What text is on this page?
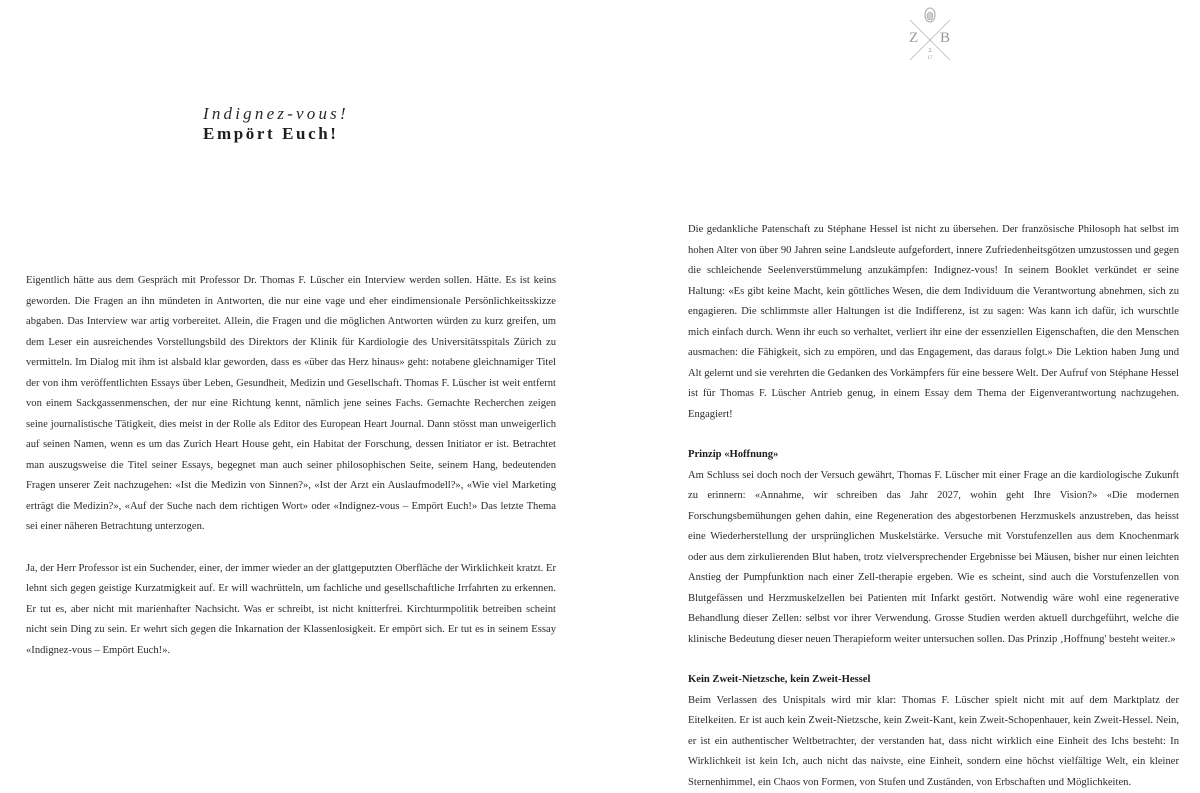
Z B
2
17
Indignez-vous!
Empört Euch!

Eigentlich hätte aus dem Gespräch mit Professor Dr. Thomas F. Lüscher ein Interview werden sollen. Hätte. Es ist keins geworden. Die Fragen an ihn mündeten in Antworten, die nur eine vage und eher eindimensionale Persönlichkeitsskizze abgaben. Das Interview war artig vorbereitet. Allein, die Fragen und die möglichen Antworten würden zu kurz greifen, um dem Leser ein ausreichendes Vorstellungsbild des Direktors der Klinik für Kardiologie des Universitätsspitals Zürich zu vermitteln. Im Dialog mit ihm ist alsbald klar geworden, dass es «über das Herz hinaus» geht: notabene gleichnamiger Titel der von ihm veröffentlichten Essays über Leben, Gesundheit, Medizin und Gesellschaft. Thomas F. Lüscher ist weit entfernt von einem Sackgassenmenschen, der nur eine Richtung kennt, nämlich jene seines Fachs. Gemachte Recherchen zeigen seine journalistische Tätigkeit, dies meist in der Rolle als Editor des European Heart Journal. Dann stösst man unweigerlich auf seinen Namen, wenn es um das Zurich Heart House geht, ein Habitat der Forschung, dessen Initiator er ist. Betrachtet man auszugsweise die Titel seiner Essays, begegnet man auch seiner philosophischen Seite, seinem Hang, bedeutenden Fragen unserer Zeit nachzugehen: «Ist die Medizin von Sinnen?», «Ist der Arzt ein Auslaufmodell?», «Wie viel Marketing erträgt die Medizin?», «Auf der Suche nach dem richtigen Wort» oder «Indignez-vous – Empört Euch!» Das letzte Thema sei einer näheren Betrachtung unterzogen.

Ja, der Herr Professor ist ein Suchender, einer, der immer wieder an der glattgeputzten Oberfläche der Wirklichkeit kratzt. Er lehnt sich gegen geistige Kurzatmigkeit auf. Er will wachrütteln, um fachliche und gesellschaftliche Irrfahrten zu erkennen. Er tut es, aber nicht mit marienhafter Nachsicht. Was er schreibt, ist nicht knitterfrei. Kirchturmpolitik betreiben scheint nicht sein Ding zu sein. Er wehrt sich gegen die Inkarnation der Klassenlosigkeit. Er empört sich. Er tut es in seinem Essay «Indignez-vous – Empört Euch!».

Die gedankliche Patenschaft zu Stéphane Hessel ist nicht zu übersehen. Der französische Philosoph hat selbst im hohen Alter von über 90 Jahren seine Landsleute aufgefordert, innere Zufriedenheitsgötzen umzustossen und gegen die schleichende Seelenverstümmelung anzukämpfen: Indignez-vous! In seinem Booklet verkündet er seine Haltung: «Es gibt keine Macht, kein göttliches Wesen, die dem Individuum die Verantwortung abnehmen, sich zu engagieren. Die schlimmste aller Haltungen ist die Indifferenz, ist zu sagen: Was kann ich dafür, ich wurschtle mich einfach durch. Wenn ihr euch so verhaltet, verliert ihr eine der essenziellen Eigenschaften, die den Menschen ausmachen: die Fähigkeit, sich zu empören, und das Engagement, das daraus folgt.» Die Lektion haben Jung und Alt gelernt und sie verehrten die Gedanken des Vorkämpfers für eine bessere Welt. Der Aufruf von Stéphane Hessel ist für Thomas F. Lüscher Antrieb genug, in einem Essay dem Thema der Eigenverantwortung nachzugehen. Engagiert!

Prinzip «Hoffnung»

Am Schluss sei doch noch der Versuch gewährt, Thomas F. Lüscher mit einer Frage an die kardiologische Zukunft zu erinnern: «Annahme, wir schreiben das Jahr 2027, wohin geht Ihre Vision?» «Die modernen Forschungsbemühungen gehen dahin, eine Regeneration des abgestorbenen Herzmuskels anzustreben, das heisst eine Wiederherstellung der ursprünglichen Muskelstärke. Versuche mit Vorstufenzellen aus dem Knochenmark oder aus dem zirkulierenden Blut haben, trotz vielversprechender Ergebnisse bei Mäusen, bisher nur einen leichten Anstieg der Pumpfunktion nach einer Zell-therapie ergeben. Wie es scheint, sind auch die Vorstufenzellen von Blutgefässen und Herzmuskelzellen bei Patienten mit Infarkt gestört. Notwendig wäre wohl eine regenerative Behandlung dieser Zellen: selbst vor ihrer Verwendung. Grosse Studien werden aktuell durchgeführt, welche die klinische Bedeutung dieser neuen Therapieform weiter untersuchen sollen. Das Prinzip ‚Hoffnung' besteht weiter.»

Kein Zweit-Nietzsche, kein Zweit-Hessel

Beim Verlassen des Unispitals wird mir klar: Thomas F. Lüscher spielt nicht mit auf dem Marktplatz der Eitelkeiten. Er ist auch kein Zweit-Nietzsche, kein Zweit-Kant, kein Zweit-Schopenhauer, kein Zweit-Hessel. Nein, er ist ein authentischer Weltbetrachter, der verstanden hat, dass nicht wirklich eine Einheit des Ichs besteht: In Wirklichkeit ist kein Ich, auch nicht das naivste, eine Einheit, sondern eine höchst vielfältige Welt, ein kleiner Sternenhimmel, ein Chaos von Formen, von Stufen und Zuständen, von Erbschaften und Möglichkeiten.
